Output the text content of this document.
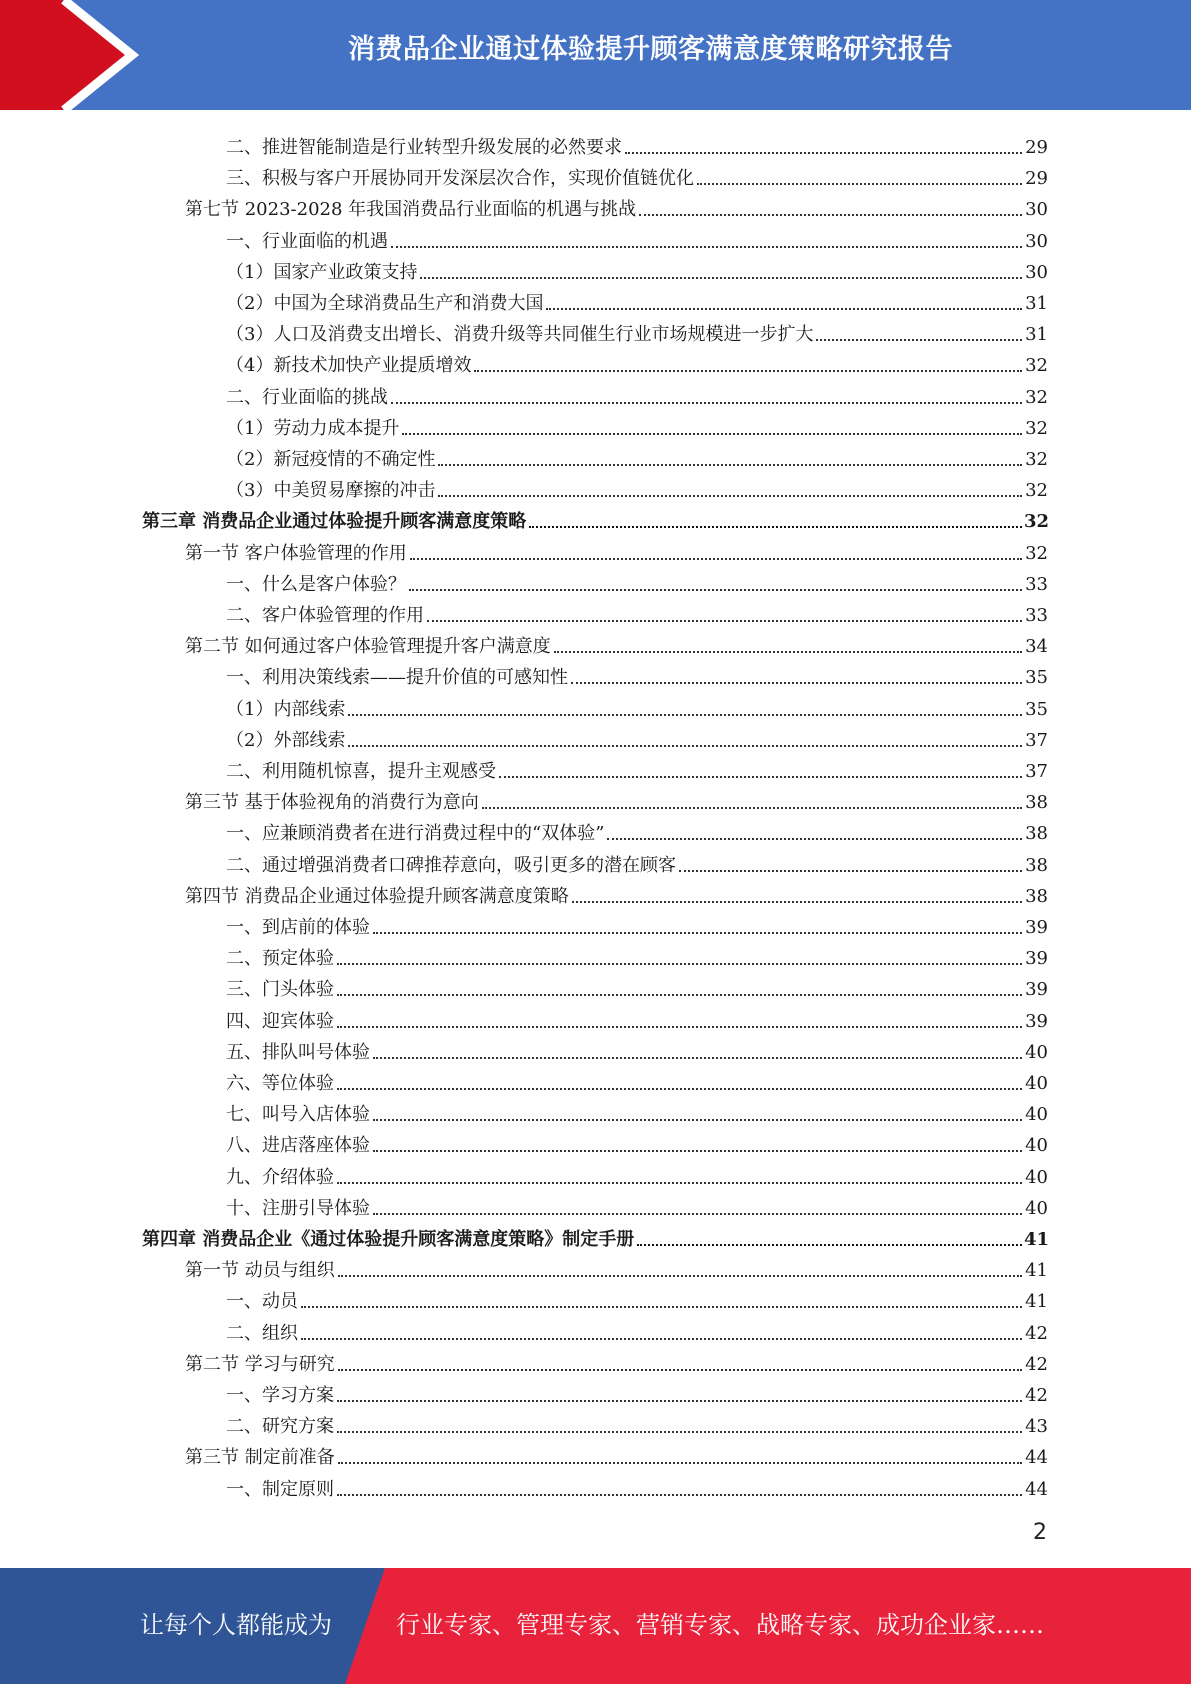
消费品企业通过体验提升顾客满意度策略研究报告
二、推进智能制造是行业转型升级发展的必然要求	29
三、积极与客户开展协同开发深层次合作，实现价值链优化	29
第七节 2023-2028 年我国消费品行业面临的机遇与挑战	30
一、行业面临的机遇	30
（1）国家产业政策支持	30
（2）中国为全球消费品生产和消费大国	31
（3）人口及消费支出增长、消费升级等共同催生行业市场规模进一步扩大	31
（4）新技术加快产业提质增效	32
二、行业面临的挑战	32
（1）劳动力成本提升	32
（2）新冠疫情的不确定性	32
（3）中美贸易摩擦的冲击	32
第三章 消费品企业通过体验提升顾客满意度策略	32
第一节 客户体验管理的作用	32
一、什么是客户体验？	33
二、客户体验管理的作用	33
第二节 如何通过客户体验管理提升客户满意度	34
一、利用决策线索——提升价值的可感知性	35
（1）内部线索	35
（2）外部线索	37
二、利用随机惊喜，提升主观感受	37
第三节 基于体验视角的消费行为意向	38
一、应兼顾消费者在进行消费过程中的“双体验”	38
二、通过增强消费者口碑推荐意向，吸引更多的潜在顾客	38
第四节 消费品企业通过体验提升顾客满意度策略	38
一、到店前的体验	39
二、预定体验	39
三、门头体验	39
四、迎宾体验	39
五、排队叫号体验	40
六、等位体验	40
七、叫号入店体验	40
八、进店落座体验	40
九、介绍体验	40
十、注册引导体验	40
第四章 消费品企业《通过体验提升顾客满意度策略》制定手册	41
第一节 动员与组织	41
一、动员	41
二、组织	42
第二节 学习与研究	42
一、学习方案	42
二、研究方案	43
第三节 制定前准备	44
一、制定原则	44
2
让每个人都能成为	行业专家、管理专家、营销专家、战略专家、成功企业家……
